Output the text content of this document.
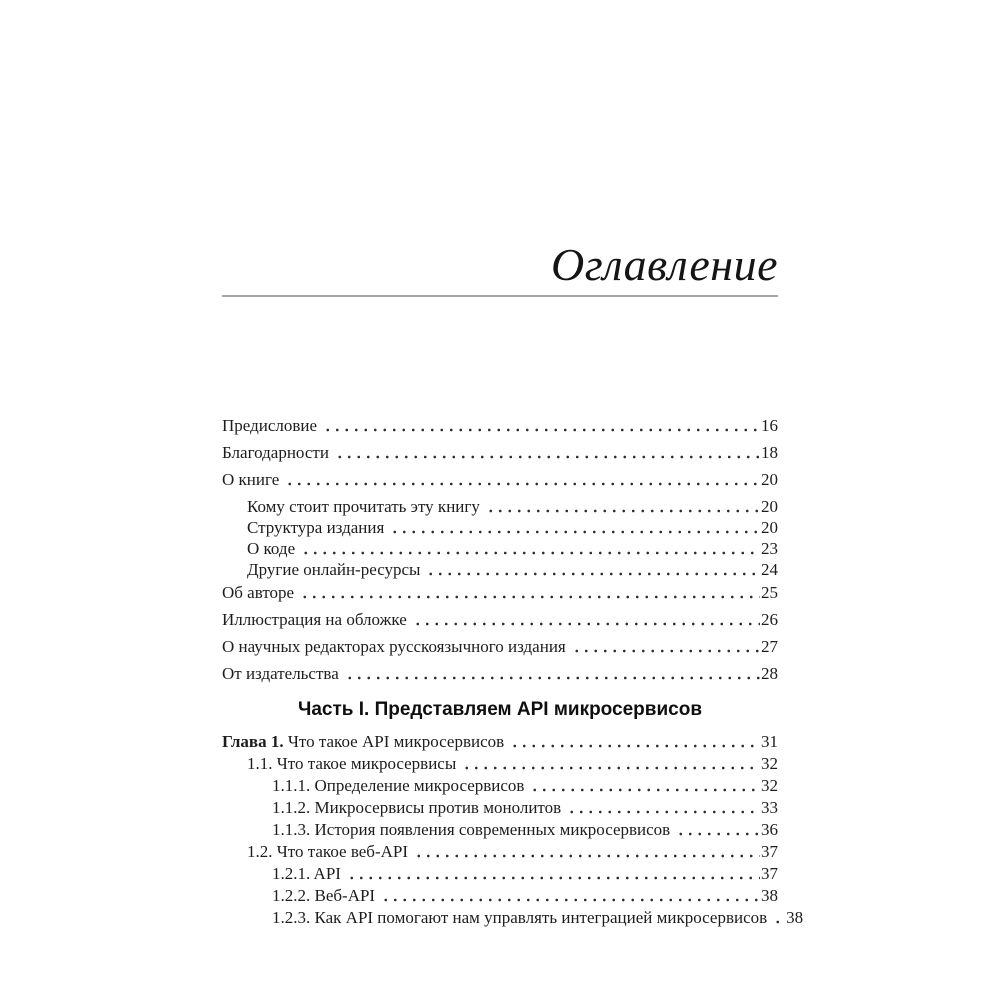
Оглавление
Предисловие	16
Благодарности	18
О книге	20
Кому стоит прочитать эту книгу	20
Структура издания	20
О коде	23
Другие онлайн-ресурсы	24
Об авторе	25
Иллюстрация на обложке	26
О научных редакторах русскоязычного издания	27
От издательства	28
Часть I. Представляем API микросервисов
Глава 1. Что такое API микросервисов	31
1.1. Что такое микросервисы	32
1.1.1. Определение микросервисов	32
1.1.2. Микросервисы против монолитов	33
1.1.3. История появления современных микросервисов	36
1.2. Что такое веб-API	37
1.2.1. API	37
1.2.2. Веб-API	38
1.2.3. Как API помогают нам управлять интеграцией микросервисов 38
